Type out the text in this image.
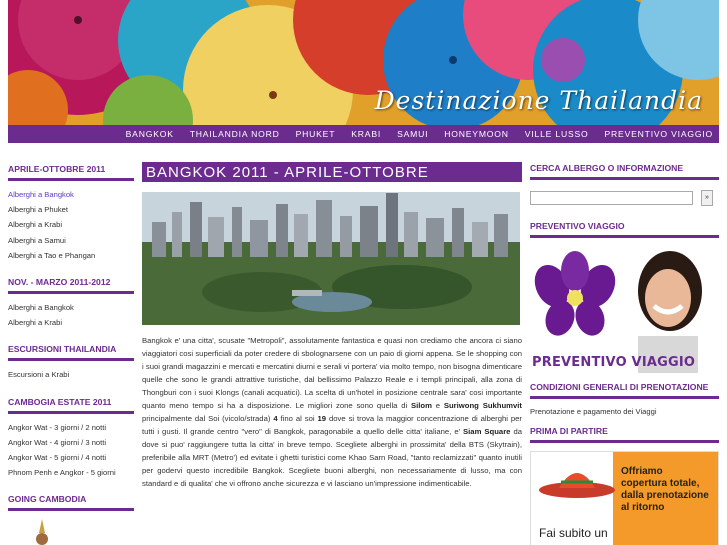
Destinazione Thailandia
BANGKOK THAILANDIA NORD PHUKET KRABI SAMUI HONEYMOON VILLE LUSSO PREVENTIVO VIAGGIO
APRILE-OTTOBRE 2011
Alberghi a Bangkok
Alberghi a Phuket
Alberghi a Krabi
Alberghi a Samui
Alberghi a Tao e Phangan
NOV. - MARZO 2011-2012
Alberghi a Bangkok
Alberghi a Krabi
ESCURSIONI THAILANDIA
Escursioni a Krabi
CAMBOGIA ESTATE 2011
Angkor Wat - 3 giorni / 2 notti
Angkor Wat - 4 giorni / 3 notti
Angkor Wat - 5 giorni / 4 notti
Phnom Penh e Angkor - 5 giorni
GOING CAMBODIA
BANGKOK 2011 - APRILE-OTTOBRE
Bangkok e' una citta', scusate "Metropoli", assolutamente fantastica e quasi non crediamo che ancora ci siano viaggiatori cosi superficiali da poter credere di sbolognarsene con un paio di giorni appena. Se le shopping con i suoi grandi magazzini e mercati e mercatini diurni e serali vi portera' via molto tempo, non bisogna dimenticare quelle che sono le grandi attrattive turistiche, dal bellissimo Palazzo Reale e i templi principali, alla zona di Thongburi con i suoi Klongs (canali acquatici). La scelta di un'hotel in posizione centrale sara' cosi importante quanto meno tempo si ha a disposizione. Le migliori zone sono quella di Silom e Suriwong Sukhumvit principalmente dal Soi (vicolo/strada) 4 fino al soi 19 dove si trova la maggior concentrazione di alberghi per tutti i gusti. Il grande centro "vero" di Bangkok, paragonabile a quello delle citta' italiane, e' Siam Square da dove si puo' raggiungere tutta la citta' in breve tempo. Scegliete alberghi in prossimita' della BTS (Skytrain), preferibile alla MRT (Metro') ed evitate i ghetti turistici come Khao Sarn Road, "tanto reclamizzati" quanto inutili per godervi questo incredibile Bangkok. Scegliete buoni alberghi, non necessariamente di lusso, ma con standard e di qualita' che vi offrono anche sicurezza e vi lasciano un'impressione indimenticabile.
CERCA ALBERGO O INFORMAZIONE
»
PREVENTIVO VIAGGIO
PREVENTIVO VIAGGIO
CONDIZIONI GENERALI DI PRENOTAZIONE
Prenotazione e pagamento dei Viaggi
PRIMA DI PARTIRE
Offriamo
copertura totale,
dalla prenotazione
al ritorno
Fai subito un
